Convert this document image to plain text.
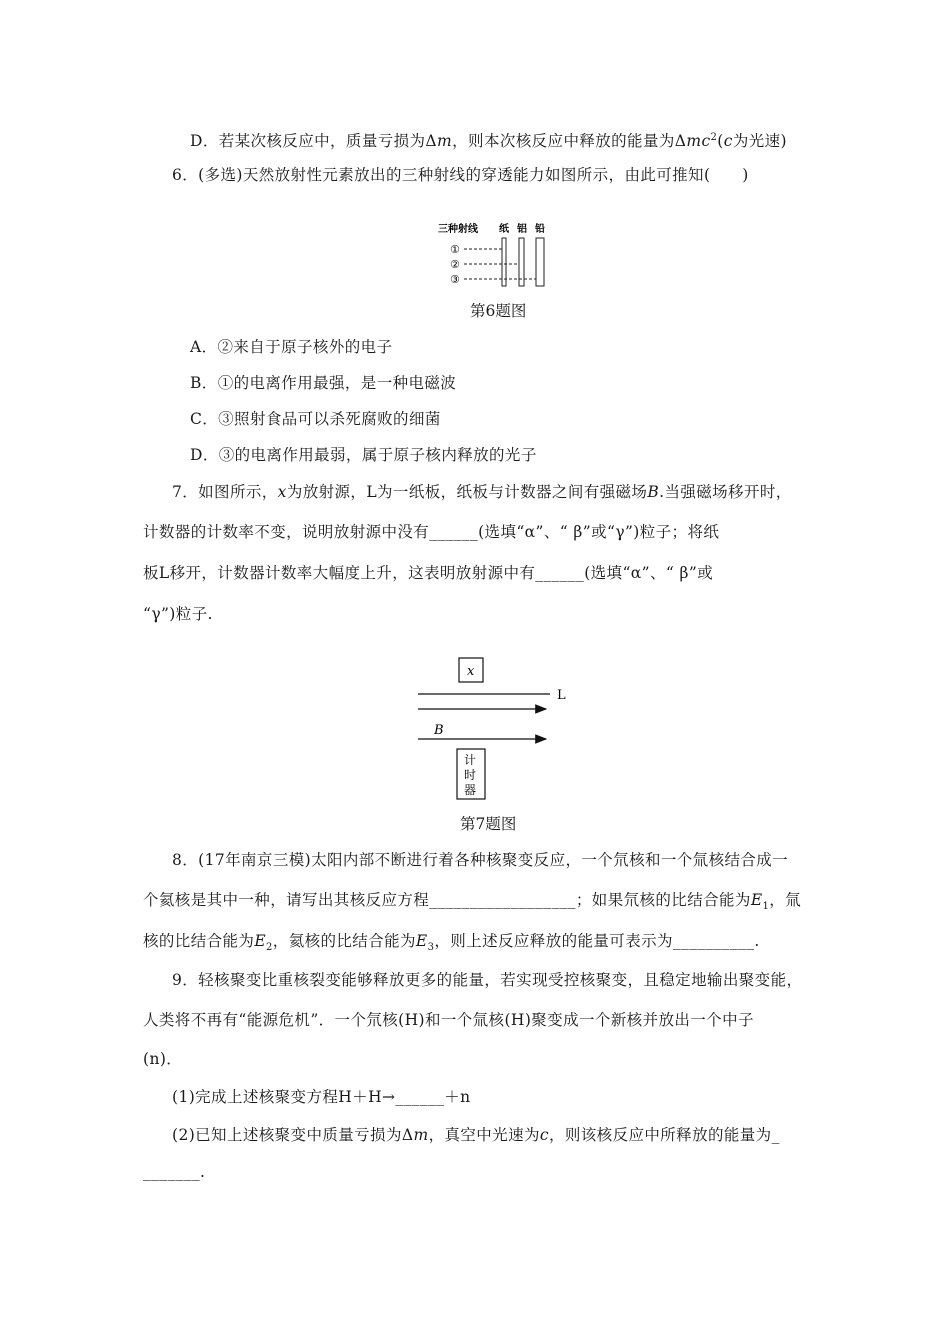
D．若某次核反应中，质量亏损为Δm，则本次核反应中释放的能量为Δmc$^2$(c为光速)
6．(多选)天然放射性元素放出的三种射线的穿透能力如图所示，由此可推知(　　)
三种射线 纸 铝 铅
①
②
③
第6题图
A．②来自于原子核外的电子
B．①的电离作用最强，是一种电磁波
C．③照射食品可以杀死腐败的细菌
D．③的电离作用最弱，属于原子核内释放的光子
7．如图所示，x为放射源，L为一纸板，纸板与计数器之间有强磁场B.当强磁场移开时，
计数器的计数率不变，说明放射源中没有______(选填“α”、“ β”或“γ”)粒子；将纸
板L移开，计数器计数率大幅度上升，这表明放射源中有______(选填“α”、“ β”或
“γ”)粒子.
x
L
B
计
时
器
第7题图
8．(17年南京三模)太阳内部不断进行着各种核聚变反应，一个氘核和一个氚核结合成一
个氦核是其中一种，请写出其核反应方程__________________；如果氘核的比结合能为$E_1$，氚
核的比结合能为$E_2$，氦核的比结合能为$E_3$，则上述反应释放的能量可表示为__________.
9．轻核聚变比重核裂变能够释放更多的能量，若实现受控核聚变，且稳定地输出聚变能，
人类将不再有“能源危机”．一个氘核(H)和一个氚核(H)聚变成一个新核并放出一个中子
(n)．
(1)完成上述核聚变方程H＋H→______＋n
(2)已知上述核聚变中质量亏损为Δm，真空中光速为c，则该核反应中所释放的能量为_
_______.
